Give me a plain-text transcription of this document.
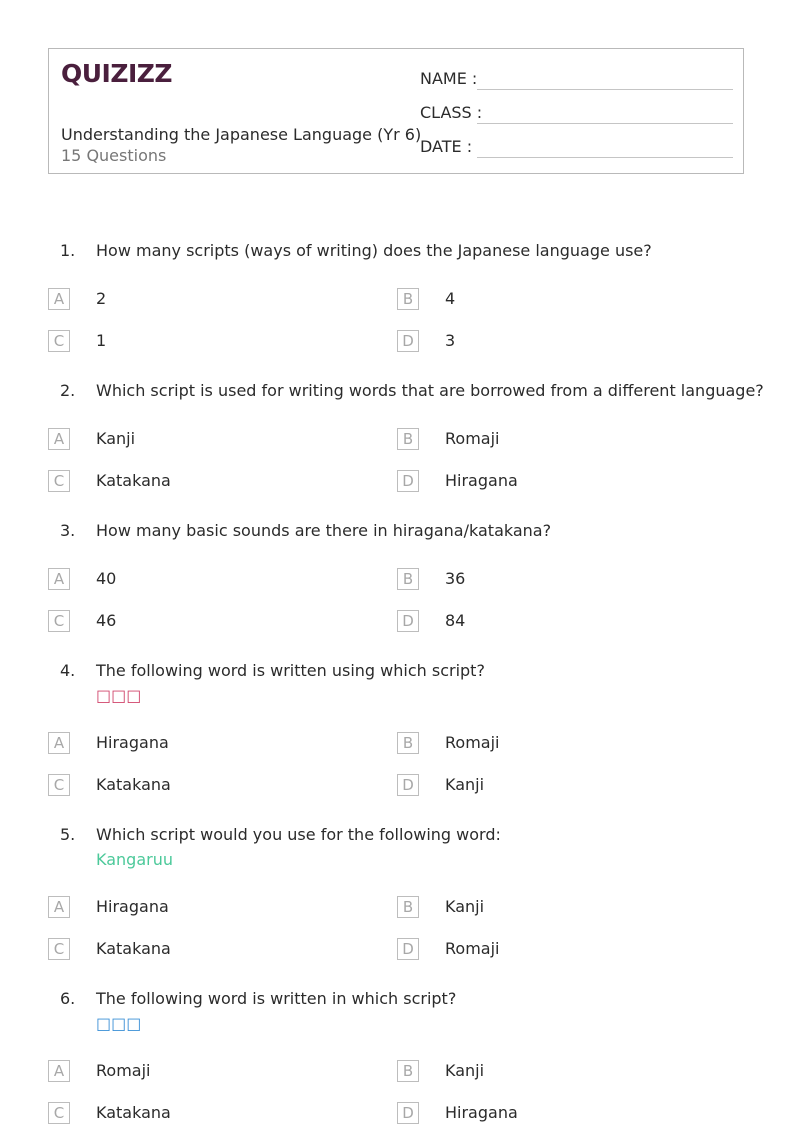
QUIZIZZ
Understanding the Japanese Language (Yr 6)
15 Questions
NAME :
CLASS :
DATE :
1. How many scripts (ways of writing) does the Japanese language use?
A	2	B	4
C	1	D	3
2. Which script is used for writing words that are borrowed from a different language?
A	Kanji	B	Romaji
C	Katakana	D	Hiragana
3. How many basic sounds are there in hiragana/katakana?
A	40	B	36
C	46	D	84
4. The following word is written using which script?
□□□
A	Hiragana	B	Romaji
C	Katakana	D	Kanji
5. Which script would you use for the following word:
Kangaruu
A	Hiragana	B	Kanji
C	Katakana	D	Romaji
6. The following word is written in which script?
□□□
A	Romaji	B	Kanji
C	Katakana	D	Hiragana
